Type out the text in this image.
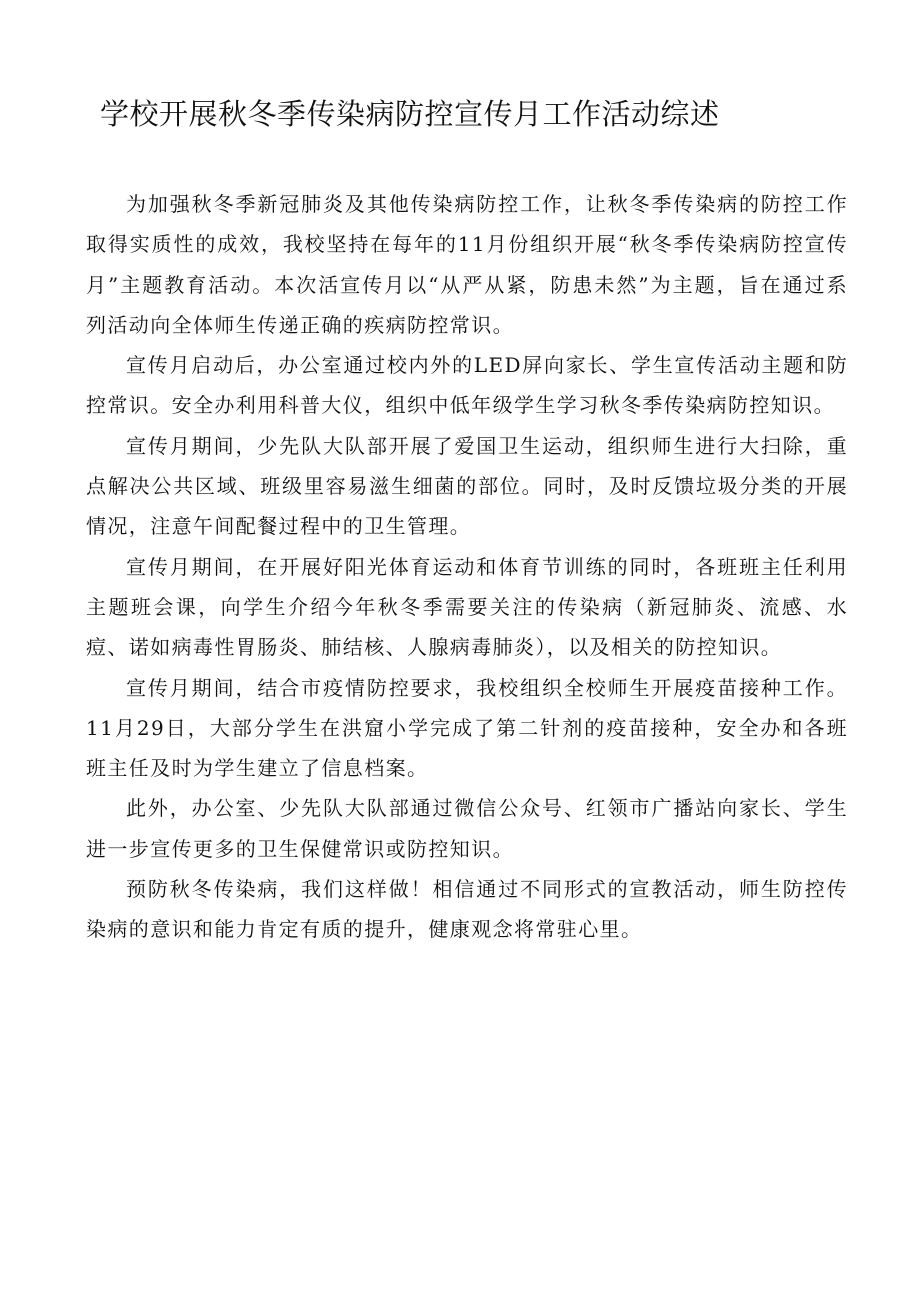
学校开展秋冬季传染病防控宣传月工作活动综述

为加强秋冬季新冠肺炎及其他传染病防控工作，让秋冬季传染病的防控工作取得实质性的成效，我校坚持在每年的11月份组织开展“秋冬季传染病防控宣传月”主题教育活动。本次活宣传月以“从严从紧，防患未然”为主题，旨在通过系列活动向全体师生传递正确的疾病防控常识。

宣传月启动后，办公室通过校内外的LED屏向家长、学生宣传活动主题和防控常识。安全办利用科普大仪，组织中低年级学生学习秋冬季传染病防控知识。

宣传月期间，少先队大队部开展了爱国卫生运动，组织师生进行大扫除，重点解决公共区域、班级里容易滋生细菌的部位。同时，及时反馈垃圾分类的开展情况，注意午间配餐过程中的卫生管理。

宣传月期间，在开展好阳光体育运动和体育节训练的同时，各班班主任利用主题班会课，向学生介绍今年秋冬季需要关注的传染病（新冠肺炎、流感、水痘、诺如病毒性胃肠炎、肺结核、人腺病毒肺炎），以及相关的防控知识。

宣传月期间，结合市疫情防控要求，我校组织全校师生开展疫苗接种工作。11月29日，大部分学生在洪窟小学完成了第二针剂的疫苗接种，安全办和各班班主任及时为学生建立了信息档案。

此外，办公室、少先队大队部通过微信公众号、红领市广播站向家长、学生进一步宣传更多的卫生保健常识或防控知识。

预防秋冬传染病，我们这样做！相信通过不同形式的宣教活动，师生防控传染病的意识和能力肯定有质的提升，健康观念将常驻心里。
